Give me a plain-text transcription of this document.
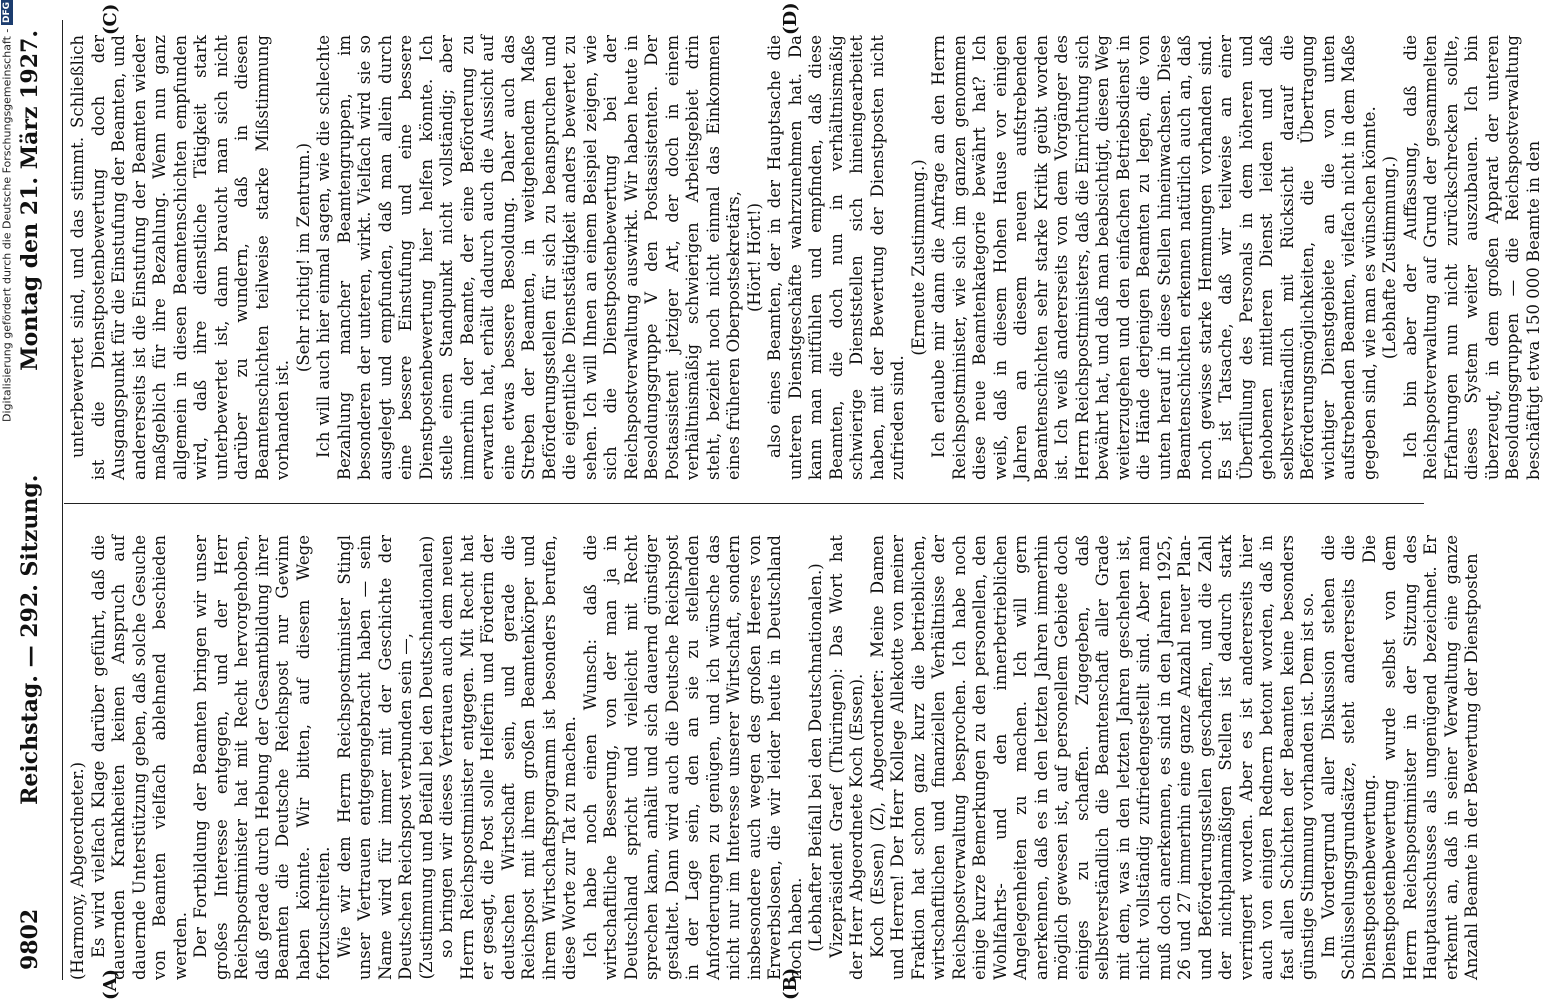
9802
Reichstag. — 292. Sitzung.
Montag den 21. März 1927.

(Harmony, Abgeordneter.) Es wird vielfach Klage darüber geführt, daß die dauernden Krankheiten keinen Anspruch auf dauernde Unterstützung geben, daß solche Gesuche von Beamten vielfach ablehnend beschieden werden. Der Fortbildung der Beamten bringen wir unser großes Interesse entgegen, und der Herr Reichspostminister hat mit Recht hervorgehoben, daß gerade durch Hebung der Gesamtbildung ihrer Beamten die Deutsche Reichspost nur Gewinn haben könnte. Wir bitten, auf diesem Wege fortzuschreiten. Wie wir dem Herrn Reichspostminister Stingl unser Vertrauen entgegengebracht haben — sein Name wird für immer mit der Geschichte der Deutschen Reichspost verbunden sein —, (Zustimmung und Beifall bei den Deutschnationalen) so bringen wir dieses Vertrauen auch dem neuen Herrn Reichspostminister entgegen. Mit Recht hat er gesagt, die Post solle Helferin und Förderin der deutschen Wirtschaft sein, und gerade die Reichspost mit ihrem großen Beamtenkörper und ihrem Wirtschaftsprogramm ist besonders berufen, diese Worte zur Tat zu machen. Ich habe noch einen Wunsch: daß die wirtschaftliche Besserung, von der man ja in Deutschland spricht und vielleicht mit Recht sprechen kann, anhält und sich dauernd günstiger gestaltet. Dann wird auch die Deutsche Reichspost in der Lage sein, den an sie zu stellenden Anforderungen zu genügen, und ich wünsche das nicht nur im Interesse unserer Wirtschaft, sondern insbesondere auch wegen des großen Heeres von Erwerbslosen, die wir leider heute in Deutschland noch haben. (Lebhafter Beifall bei den Deutschnationalen.) Vizepräsident Graef (Thüringen): Das Wort hat der Herr Abgeordnete Koch (Essen). Koch (Essen) (Z), Abgeordneter: Meine Damen und Herren! Der Herr Kollege Allekotte von meiner Fraktion hat schon ganz kurz die betrieblichen, wirtschaftlichen und finanziellen Verhältnisse der Reichspostverwaltung besprochen. Ich habe noch einige kurze Bemerkungen zu den personellen, den Wohlfahrts- und den innerbetrieblichen Angelegenheiten zu machen. Ich will gern anerkennen, daß es in den letzten Jahren immerhin möglich gewesen ist, auf personellem Gebiete doch einiges zu schaffen. Zugegeben, daß selbstverständlich die Beamtenschaft aller Grade mit dem, was in den letzten Jahren geschehen ist, nicht vollständig zufriedengestellt sind. Aber man muß doch anerkennen, es sind in den Jahren 1925, 26 und 27 immerhin eine ganze Anzahl neuer Plan- und Beförderungsstellen geschaffen, und die Zahl der nichtplanmäßigen Stellen ist dadurch stark verringert worden. Aber es ist andererseits hier auch von einigen Rednern betont worden, daß in fast allen Schichten der Beamten keine besonders günstige Stimmung vorhanden ist. Dem ist so. Im Vordergrund aller Diskussion stehen die Schlüsselungsgrundsätze, steht andererseits die Dienstpostenbewertung. Die Dienstpostenbewertung wurde selbst von dem Herrn Reichspostminister in der Sitzung des Hauptausschusses als ungenügend bezeichnet. Er erkennt an, daß in seiner Verwaltung eine ganze Anzahl Beamte in der Bewertung der Dienstposten

unterbewertet sind, und das stimmt. Schließlich ist die Dienstpostenbewertung doch der Ausgangspunkt für die Einstufung der Beamten, und andererseits ist die Einstufung der Beamten wieder maßgeblich für ihre Bezahlung. Wenn nun ganz allgemein in diesen Beamtenschichten empfunden wird, daß ihre dienstliche Tätigkeit stark unterbewertet ist, dann braucht man sich nicht darüber zu wundern, daß in diesen Beamtenschichten teilweise starke Mißstimmung vorhanden ist.

(Sehr richtig! im Zentrum.) Ich will auch hier einmal sagen, wie die schlechte Bezahlung mancher Beamtengruppen, im besonderen der unteren, wirkt. Vielfach wird sie so ausgelegt und empfunden, daß man allein durch eine bessere Einstufung und eine bessere Dienstpostenbewertung hier helfen könnte. Ich stelle einen Standpunkt nicht vollständig; aber immerhin der Beamte, der eine Beförderung zu erwarten hat, erhält dadurch auch die Aussicht auf eine etwas bessere Besoldung. Daher auch das Streben der Beamten, in weitgehendem Maße Beförderungsstellen für sich zu beanspruchen und die eigentliche Dienststätigkeit anders bewertet zu sehen. Ich will Ihnen an einem Beispiel zeigen, wie sich die Dienstpostenbewertung bei der Reichspostverwaltung auswirkt. Wir haben heute in Besoldungsgruppe V den Postassistenten. Der Postassistent jetziger Art, der doch in einem verhältnismäßig schwierigen Arbeitsgebiet drin steht, bezieht noch nicht einmal das Einkommen eines früheren Oberpostsekretärs, (Hört! Hört!) also eines Beamten, der in der Hauptsache die unteren Dienstgeschäfte wahrzunehmen hat. Da kann man mitfühlen und empfinden, daß diese Beamten, die doch nun in verhältnismäßig schwierige Dienststellen sich hineingearbeitet haben, mit der Bewertung der Dienstposten nicht zufrieden sind.

(Erneute Zustimmung.) Ich erlaube mir dann die Anfrage an den Herrn Reichspostminister, wie sich im ganzen genommen diese neue Beamtenkategorie bewährt hat? Ich weiß, daß in diesem Hohen Hause vor einigen Jahren an diesem neuen aufstrebenden Beamtenschichten sehr starke Kritik geübt worden ist. Ich weiß andererseits von dem Vorgänger des Herrn Reichspostministers, daß die Einrichtung sich bewährt hat, und daß man beabsichtigt, diesen Weg weiterzugehen und den einfachen Betriebsdienst in die Hände derjenigen Beamten zu legen, die von unten herauf in diese Stellen hineinwachsen. Diese Beamtenschichten erkennen natürlich auch an, daß noch gewisse starke Hemmungen vorhanden sind. Es ist Tatsache, daß wir teilweise an einer Überfüllung des Personals in dem höheren und gehobenen mittleren Dienst leiden und daß selbstverständlich mit Rücksicht darauf die Beförderungsmöglichkeiten, die Übertragung wichtiger Dienstgebiete an die von unten aufstrebenden Beamten, vielfach nicht in dem Maße gegeben sind, wie man es wünschen könnte. (Lebhafte Zustimmung.) Ich bin aber der Auffassung, daß die Reichspostverwaltung auf Grund der gesammelten Erfahrungen nun nicht zurückschrecken sollte, dieses System weiter auszubauen. Ich bin überzeugt, in dem großen Apparat der unteren Besoldungsgruppen — die Reichspostverwaltung beschäftigt etwa 150 000 Beamte in den

(A)	(B)
(C)	(D)
Digitalisierung gefördert durch die Deutsche Forschungsgemeinschaft -
DFG
